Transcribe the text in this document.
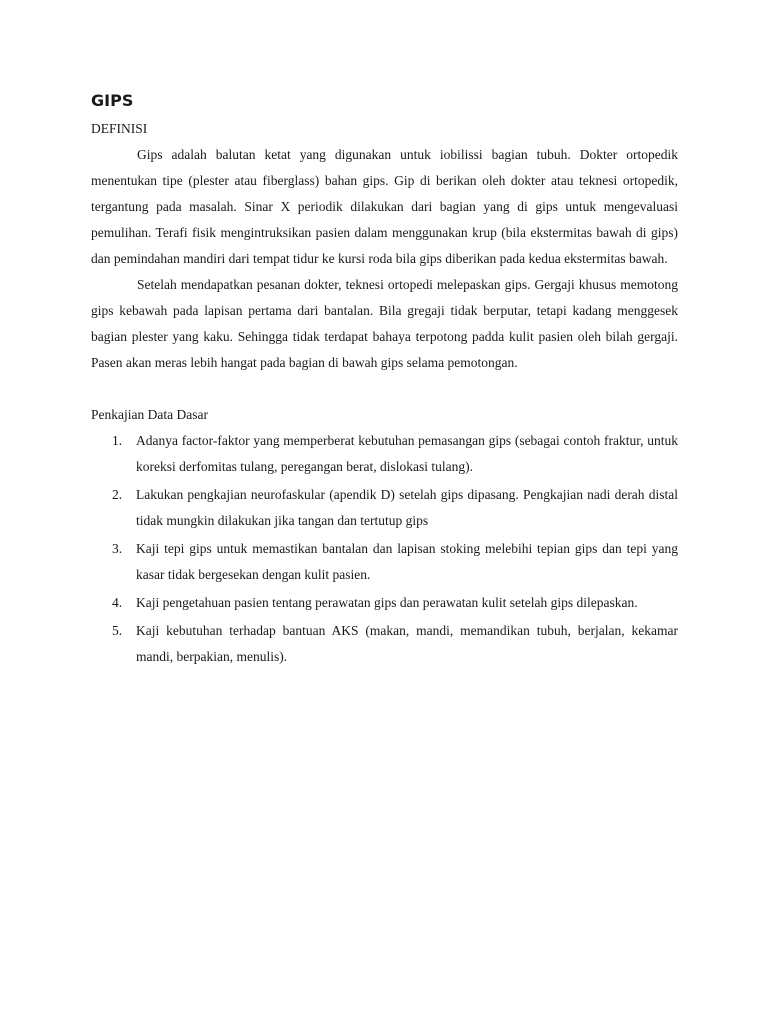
GIPS

DEFINISI

Gips adalah balutan ketat yang digunakan untuk iobilissi bagian tubuh. Dokter ortopedik menentukan tipe (plester atau fiberglass) bahan gips. Gip di berikan oleh dokter atau teknesi ortopedik, tergantung pada masalah. Sinar X periodik dilakukan dari bagian yang di gips untuk mengevaluasi pemulihan. Terafi fisik mengintruksikan pasien dalam menggunakan krup (bila ekstermitas bawah di gips) dan pemindahan mandiri dari tempat tidur ke kursi roda bila gips diberikan pada kedua ekstermitas bawah.

Setelah mendapatkan pesanan dokter, teknesi ortopedi melepaskan gips. Gergaji khusus memotong gips kebawah pada lapisan pertama dari bantalan. Bila gregaji tidak berputar, tetapi kadang menggesek bagian plester yang kaku. Sehingga tidak terdapat bahaya terpotong padda kulit pasien oleh bilah gergaji. Pasen akan meras lebih hangat pada bagian di bawah gips selama pemotongan.

Penkajian Data Dasar

1. Adanya factor-faktor yang memperberat kebutuhan pemasangan gips (sebagai contoh fraktur, untuk koreksi derfomitas tulang, peregangan berat, dislokasi tulang).
2. Lakukan pengkajian neurofaskular (apendik D) setelah gips dipasang. Pengkajian nadi derah distal tidak mungkin dilakukan jika tangan dan tertutup gips
3. Kaji tepi gips untuk memastikan bantalan dan lapisan stoking melebihi tepian gips dan tepi yang kasar tidak bergesekan dengan kulit pasien.
4. Kaji pengetahuan pasien tentang perawatan gips dan perawatan kulit setelah gips dilepaskan.
5. Kaji kebutuhan terhadap bantuan AKS (makan, mandi, memandikan tubuh, berjalan, kekamar mandi, berpakian, menulis).
